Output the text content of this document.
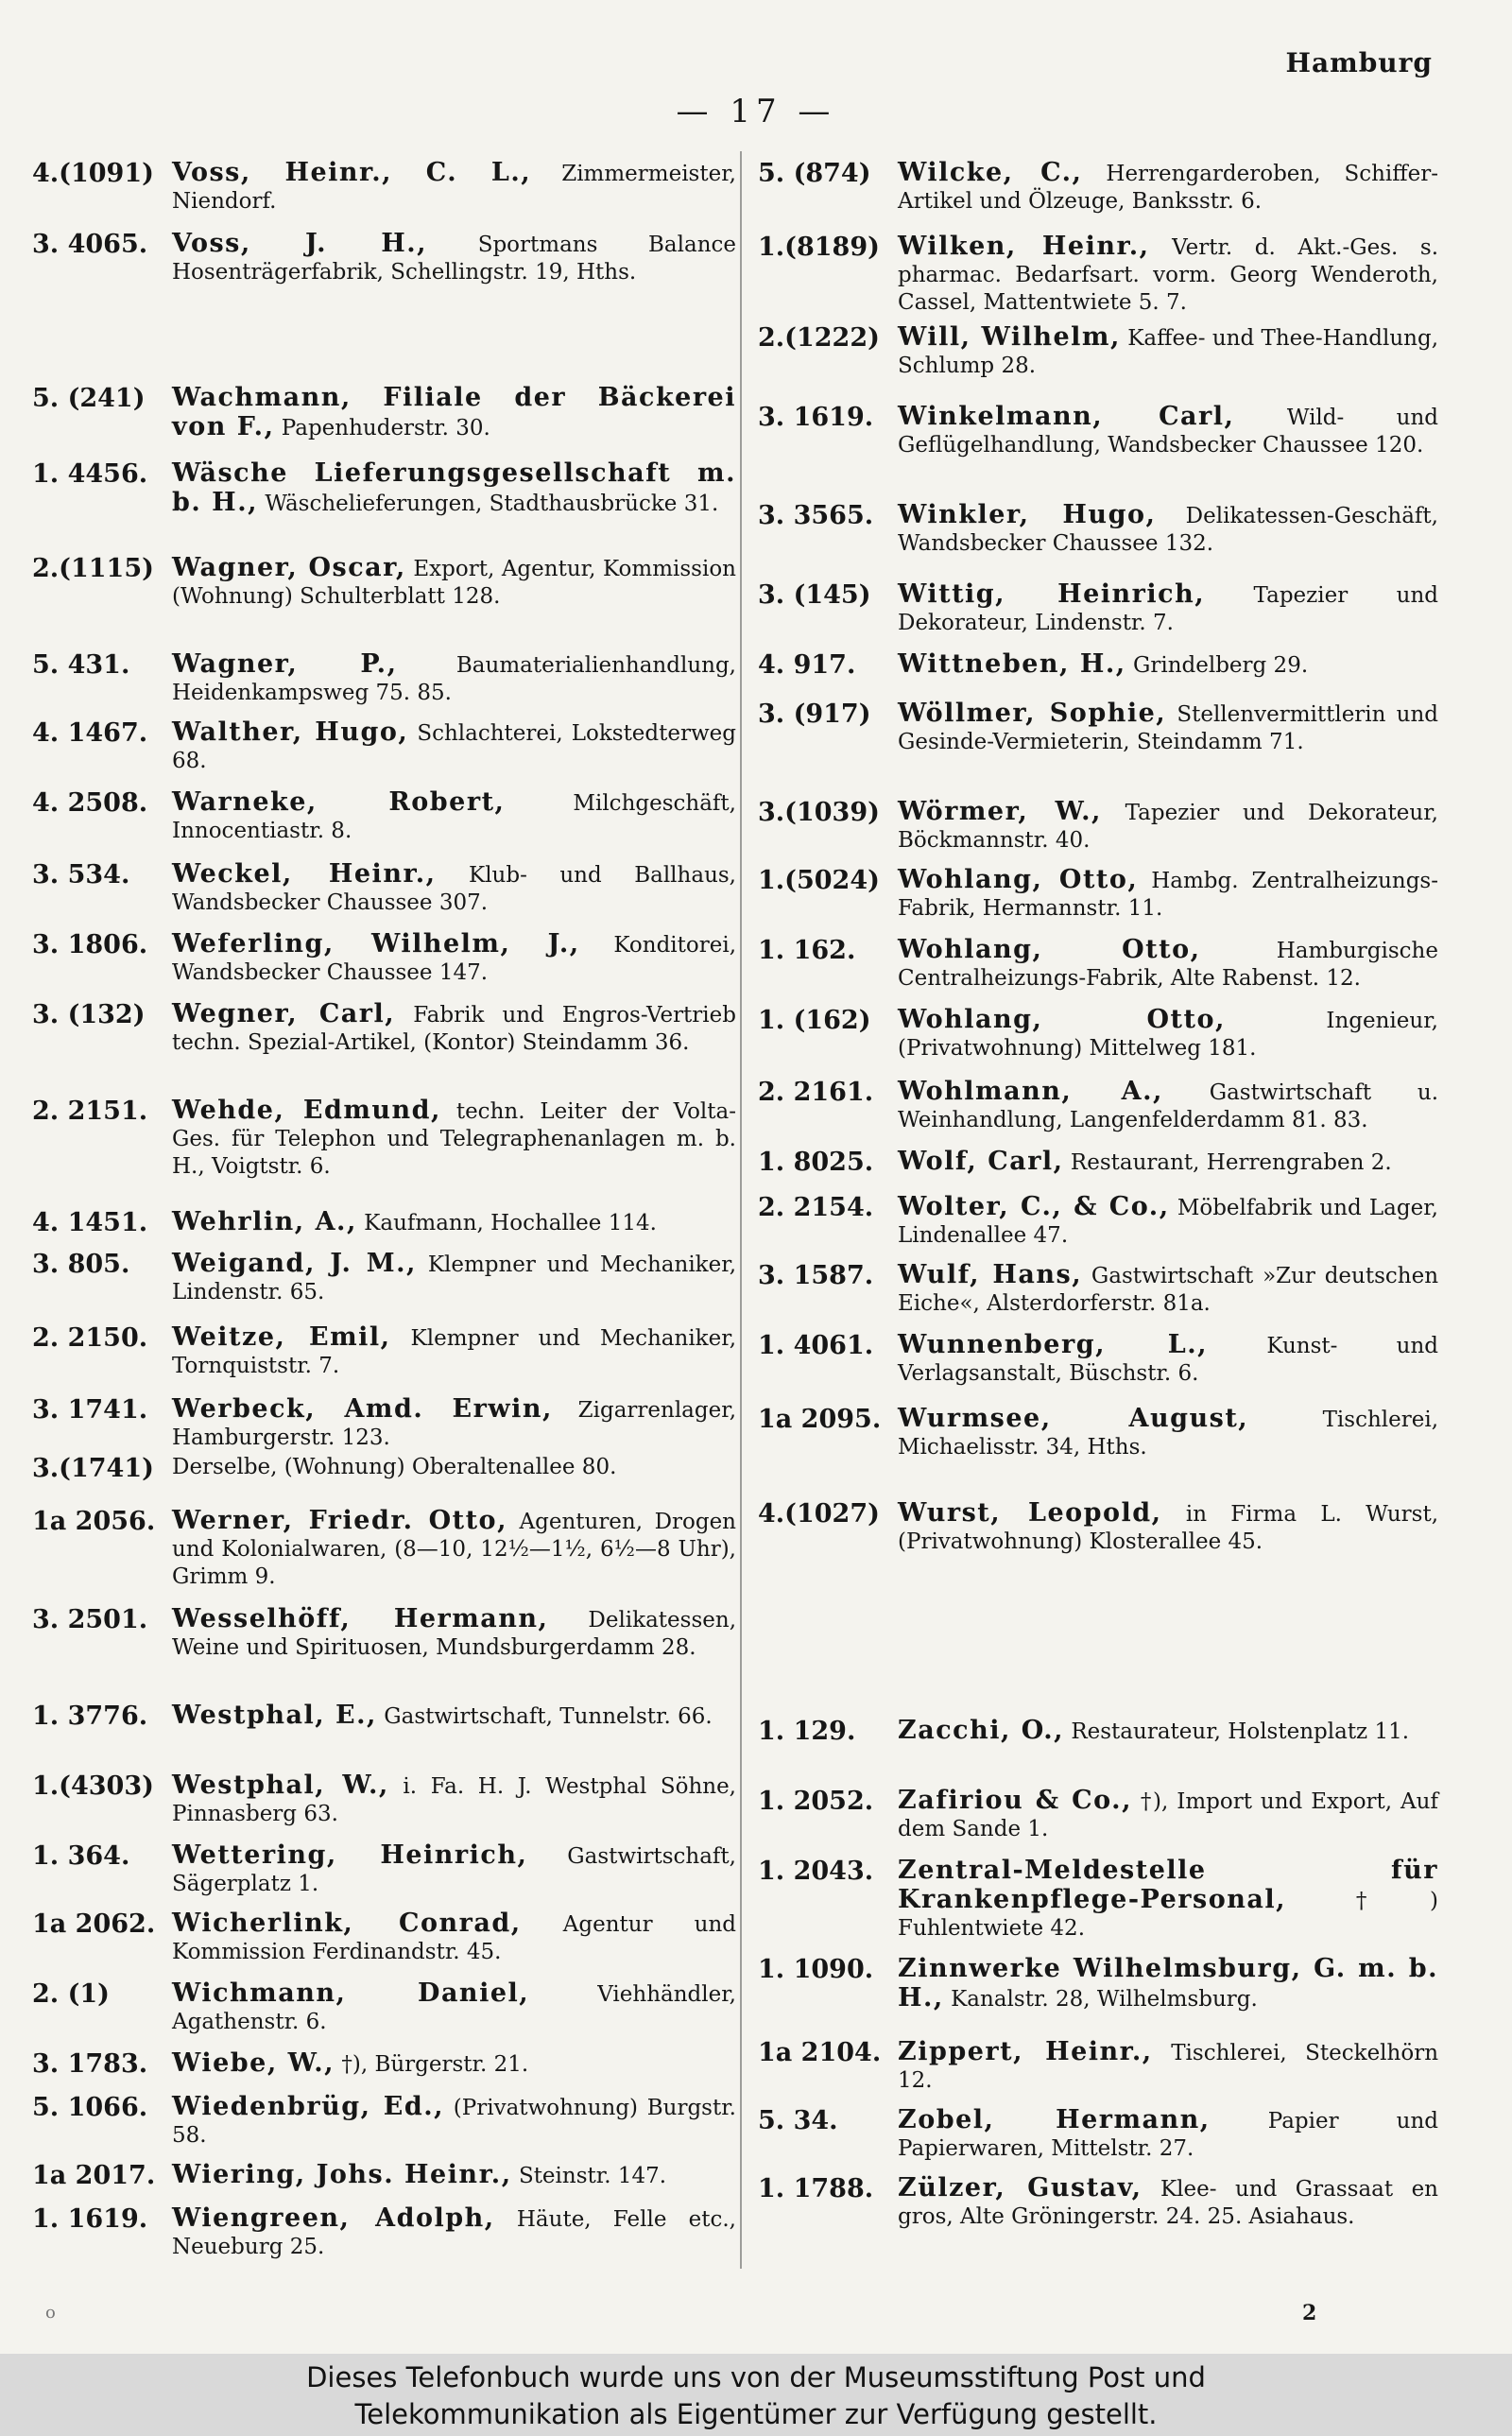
Hamburg
— 17 —
4.(1091) Voss, Heinr., C. L., Zimmermeister, Niendorf.
3. 4065. Voss, J. H., Sportmans Balance Hosenträgerfabrik, Schellingstr. 19, Hths.
5. (241)	Wachmann, Filiale der Bäckerei von F., Papenhuderstr. 30.
1. 4456. Wäsche Lieferungsgesellschaft m. b. H., Wäschelieferungen, Stadthausbrücke 31.
2.(1115) Wagner, Oscar, Export, Agentur, Kommission (Wohnung) Schulterblatt 128.
5. 431.	Wagner, P.,	Baumaterialienhandlung, Heidenkampsweg 75. 85.
4. 1467. Walther, Hugo, Schlachterei, Lokstedterweg 68.
4. 2508. Warneke, Robert,	Milchgeschäft, Innocentiastr. 8.
3. 534.	Weckel, Heinr., Klub- und Ballhaus, Wandsbecker Chaussee 307.
3. 1806. Weferling, Wilhelm, J., Konditorei, Wandsbecker Chaussee 147.
3. (132)	Wegner, Carl, Fabrik und Engros-Vertrieb techn. Spezial-Artikel, (Kontor) Steindamm 36.
2. 2151. Wehde, Edmund, techn. Leiter der Volta-Ges. für Telephon und Telegraphenanlagen m. b. H., Voigtstr. 6.
4. 1451. Wehrlin, A., Kaufmann, Hochallee 114.
3. 805.	Weigand, J. M., Klempner und Mechaniker, Lindenstr. 65.
2. 2150. Weitze, Emil, Klempner und Mechaniker, Tornquiststr. 7.
3. 1741. Werbeck, Amd. Erwin, Zigarrenlager, Hamburgerstr. 123.
3.(1741) Derselbe, (Wohnung) Oberaltenallee 80.
1a 2056. Werner, Friedr. Otto, Agenturen, Drogen und Kolonialwaren, (8—10, 12½—1½, 6½—8 Uhr), Grimm 9.
3. 2501. Wesselhöff, Hermann, Delikatessen, Weine und Spirituosen, Mundsburgerdamm 28.
1. 3776. Westphal, E., Gastwirtschaft, Tunnelstr. 66.
1.(4303) Westphal, W., i. Fa. H. J. Westphal Söhne, Pinnasberg 63.
1. 364.	Wettering, Heinrich, Gastwirtschaft, Sägerplatz 1.
1a 2062. Wicherlink, Conrad, Agentur und Kommission Ferdinandstr. 45.
2. (1)	Wichmann, Daniel,	Viehhändler, Agathenstr. 6.
3. 1783. Wiebe, W., †), Bürgerstr. 21.
5. 1066. Wiedenbrüg, Ed., (Privatwohnung) Burgstr. 58.
1a 2017. Wiering, Johs. Heinr., Steinstr. 147.
1. 1619. Wiengreen, Adolph, Häute, Felle etc., Neueburg 25.
5. (874)	Wilcke, C., Herrengarderoben, Schiffer-Artikel und Ölzeuge, Banksstr. 6.
1.(8189) Wilken, Heinr., Vertr. d. Akt.-Ges. s. pharmac. Bedarfsart. vorm. Georg Wenderoth, Cassel, Mattentwiete 5. 7.
2.(1222) Will, Wilhelm, Kaffee- und Thee-Handlung, Schlump 28.
3. 1619. Winkelmann, Carl, Wild- und Geflügelhandlung, Wandsbecker Chaussee 120.
3. 3565. Winkler, Hugo, Delikatessen-Geschäft, Wandsbecker Chaussee 132.
3. (145)	Wittig, Heinrich, Tapezier und Dekorateur, Lindenstr. 7.
4. 917.	Wittneben, H., Grindelberg 29.
3. (917)	Wöllmer, Sophie, Stellenvermittlerin und Gesinde-Vermieterin, Steindamm 71.
3.(1039) Wörmer, W., Tapezier und Dekorateur, Böckmannstr. 40.
1.(5024) Wohlang, Otto, Hambg. Zentralheizungs-Fabrik, Hermannstr. 11.
1. 162.	Wohlang, Otto,	Hamburgische Centralheizungs-Fabrik, Alte Rabenst. 12.
1. (162)	Wohlang, Otto,	Ingenieur, (Privatwohnung) Mittelweg 181.
2. 2161. Wohlmann, A., Gastwirtschaft u. Weinhandlung, Langenfelderdamm 81. 83.
1. 8025. Wolf, Carl, Restaurant, Herrengraben 2.
2. 2154. Wolter, C., & Co., Möbelfabrik und Lager, Lindenallee 47.
3. 1587. Wulf, Hans, Gastwirtschaft »Zur deutschen Eiche«, Alsterdorferstr. 81a.
1. 4061. Wunnenberg, L.,	Kunst- und Verlagsanstalt, Büschstr. 6.
1a 2095. Wurmsee, August,	Tischlerei, Michaelisstr. 34, Hths.
4.(1027) Wurst, Leopold, in Firma L. Wurst, (Privatwohnung) Klosterallee 45.
1. 129.	Zacchi, O., Restaurateur, Holstenplatz 11.
1. 2052. Zafiriou & Co., †), Import und Export, Auf dem Sande 1.
1. 2043. Zentral-Meldestelle für Krankenpflege-Personal,	†) Fuhlentwiete 42.
1. 1090. Zinnwerke Wilhelmsburg, G. m. b. H., Kanalstr. 28, Wilhelmsburg.
1a 2104. Zippert, Heinr., Tischlerei, Steckelhörn 12.
5. 34.	Zobel, Hermann,	Papier und Papierwaren, Mittelstr. 27.
1. 1788. Zülzer, Gustav, Klee- und Grassaat en gros, Alte Gröningerstr. 24. 25. Asiahaus.
o	2
Dieses Telefonbuch wurde uns von der Museumsstiftung Post und
Telekommunikation als Eigentümer zur Verfügung gestellt.
